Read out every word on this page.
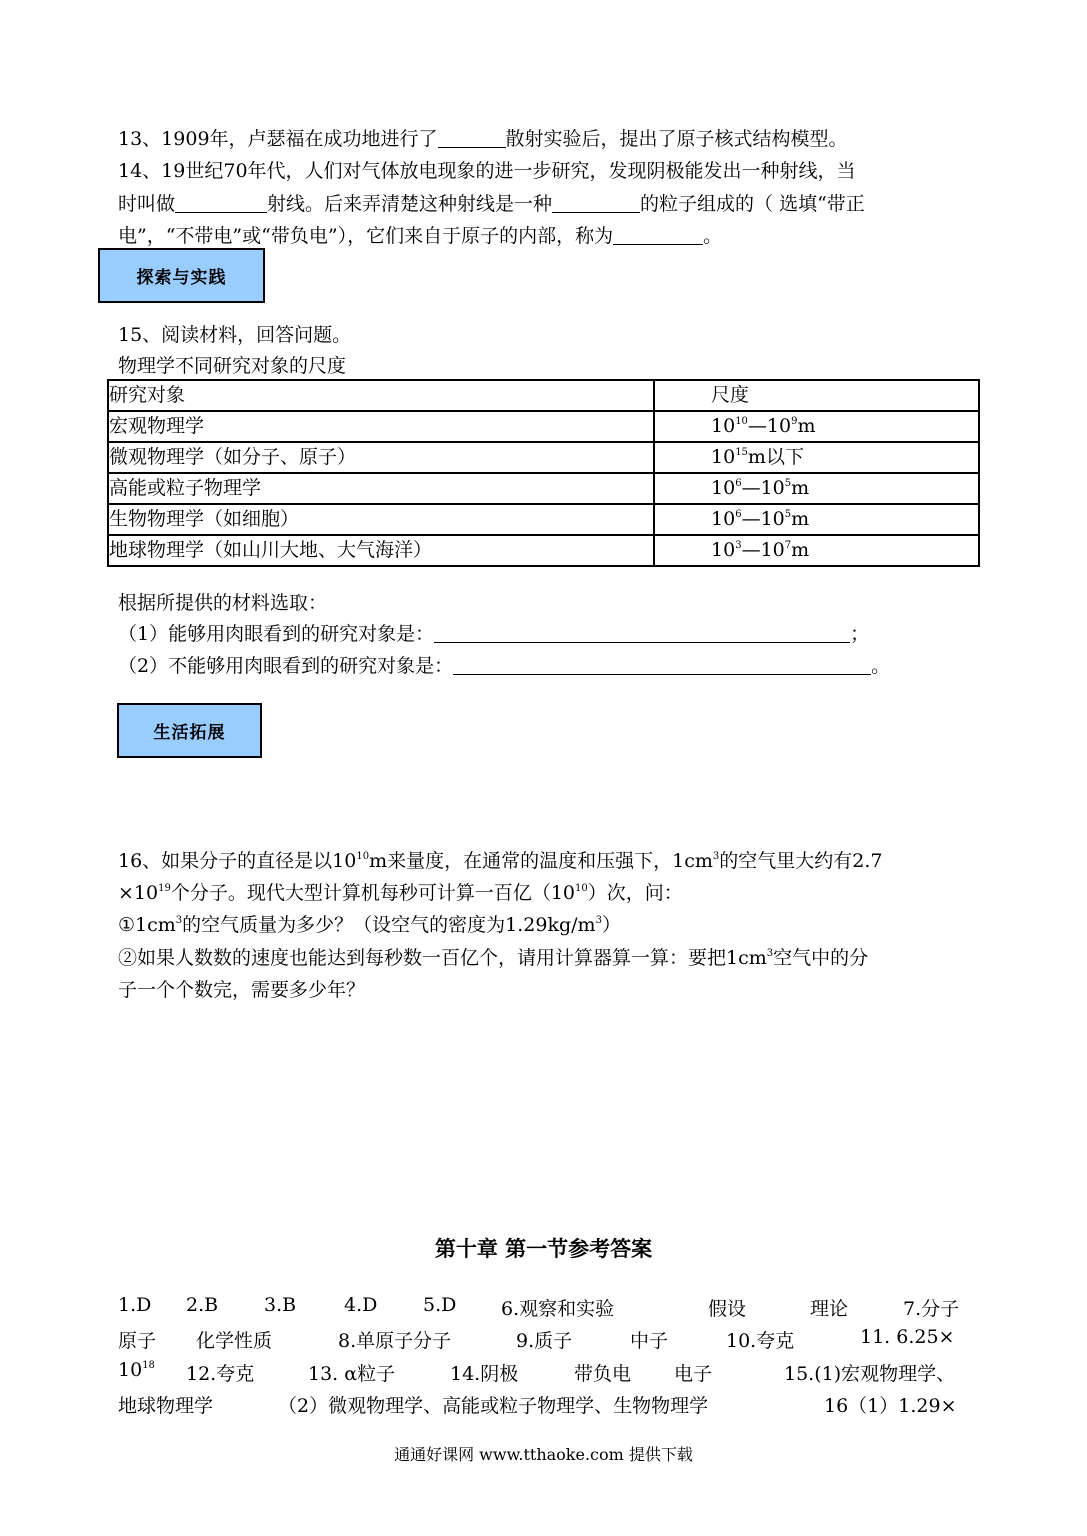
13、1909年，卢瑟福在成功地进行了	散射实验后，提出了原子核式结构模型。
14、19世纪70年代，人们对气体放电现象的进一步研究，发现阴极能发出一种射线，当
时叫做	射线。后来弄清楚这种射线是一种	的粒子组成的（ 选填“带正
电”，“不带电”或“带负电”），它们来自于原子的内部，称为	。
探索与实践
15、阅读材料，回答问题。
物理学不同研究对象的尺度
研究对象	尺度
宏观物理学	$10^{10}—10^9m$
微观物理学（如分子、原子）	$10^{15}m$以下
高能或粒子物理学	$10^6—10^5m$
生物物理学（如细胞）	$10^6—10^5m$
地球物理学（如山川大地、大气海洋）	$10^3—10^7m$
根据所提供的材料选取：
（1）能够用肉眼看到的研究对象是：	；
（2）不能够用肉眼看到的研究对象是：	。
生活拓展
16、如果分子的直径是以$10^{10}m$来量度，在通常的温度和压强下，$1cm^3$的空气里大约有2.7
$\times 10^{19}$个分子。现代大型计算机每秒可计算一百亿$(10^{10})$次，问：
$①1cm^3$的空气质量为多少？（设空气的密度为$1.29kg/m^3$）
②如果人数数的速度也能达到每秒数一百亿个，请用计算器算一算：要把$1cm^3$空气中的分
子一个个数完，需要多少年？
第十章 第一节参考答案
1.D 2.B 3.B	4.D 5.D 6.观察和实验	假设	理论	7.分子
原子 化学性质	8.单原子分子	9.质子	中子	10.夸克	11. 6.25×
$10^{18}$ 12.夸克	13. α粒子	14.阴极	带负电 电子	15.(1)宏观物理学、
地球物理学	（2）微观物理学、高能或粒子物理学、生物物理学	16（1）1.29×
通通好课网 www.tthaoke.com 提供下载
